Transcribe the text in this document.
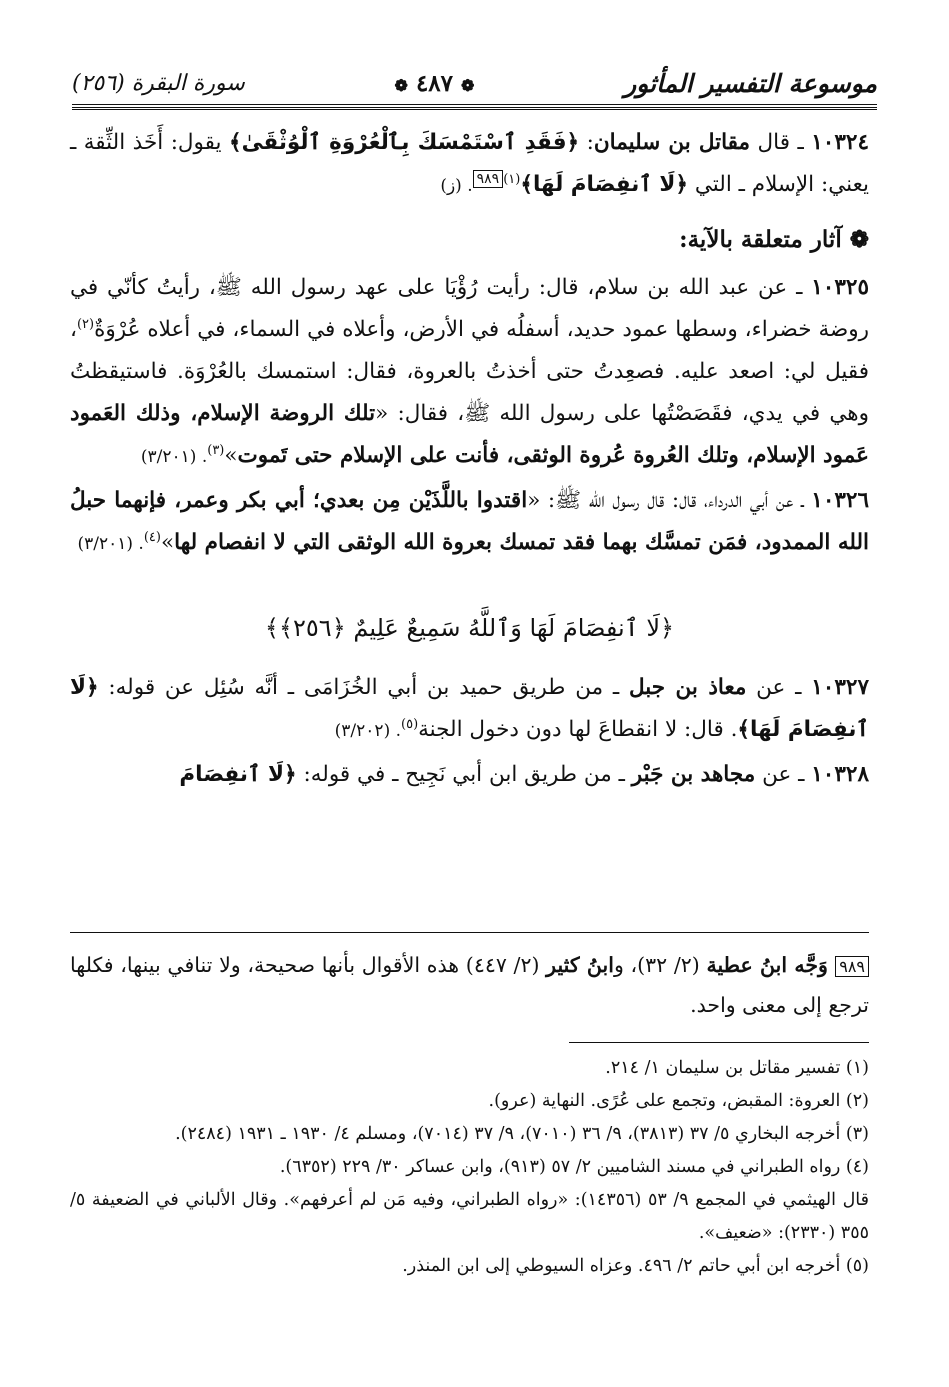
موسوعة التفسير المأثور
❁ ٤٨٧ ❁
سورة البقرة (٢٥٦)

١٠٣٢٤ ـ قال مقاتل بن سليمان: ﴿فَقَدِ ٱسْتَمْسَكَ بِٱلْعُرْوَةِ ٱلْوُثْقَىٰ﴾ يقول: أَخَذ الثِّقة ـ يعني: الإسلام ـ التي ﴿لَا ٱنفِصَامَ لَهَا﴾$^{(١)٩٨٩}$. (ز)

❁ آثار متعلقة بالآية:

١٠٣٢٥ ـ عن عبد الله بن سلام، قال: رأيت رُؤْيَا على عهد رسول الله ﷺ، رأيتُ كأنّي في روضة خضراء، وسطها عمود حديد، أسفلُه في الأرض، وأعلاه في السماء، في أعلاه عُرْوَةٌ$^{(٢)}$، فقيل لي: اصعد عليه. فصعِدتُ حتى أخذتُ بالعروة، فقال: استمسك بالعُرْوَة. فاستيقظتُ وهي في يدي، فقَصَصْتُها على رسول الله ﷺ، فقال: «تلك الروضة الإسلام، وذلك العَمود عَمود الإسلام، وتلك العُروة عُروة الوثقى، فأنت على الإسلام حتى تَموت»$^{(٣)}$. (٣/٢٠١)

١٠٣٢٦ ـ عن أبي الدرداء، قال: قال رسول الله ﷺ: «اقتدوا باللَّذَيْن مِن بعدي؛ أبي بكر وعمر، فإنهما حبلُ الله الممدود، فمَن تمسَّك بهما فقد تمسك بعروة الله الوثقى التي لا انفصام لها»$^{(٤)}$. (٣/٢٠١)

﴿لَا ٱنفِصَامَ لَهَا وَٱللَّهُ سَمِيعٌ عَلِيمٌ ﴿٢٥٦﴾﴾

١٠٣٢٧ ـ عن معاذ بن جبل ـ من طريق حميد بن أبي الخُزَامَى ـ أنَّه سُئِل عن قوله: ﴿لَا ٱنفِصَامَ لَهَا﴾. قال: لا انقطاعَ لها دون دخول الجنة$^{(٥)}$. (٣/٢٠٢)

١٠٣٢٨ ـ عن مجاهد بن جَبْر ـ من طريق ابن أبي نَجِيح ـ في قوله: ﴿لَا ٱنفِصَامَ

٩٨٩ وَجَّه ابنُ عطية (٢/ ٣٢)، وابنُ كثير (٢/ ٤٤٧) هذه الأقوال بأنها صحيحة، ولا تنافي بينها، فكلها ترجع إلى معنى واحد.

(١) تفسير مقاتل بن سليمان ١/ ٢١٤.

(٢) العروة: المقبض، وتجمع على عُرًى. النهاية (عرو).

(٣) أخرجه البخاري ٥/ ٣٧ (٣٨١٣)، ٩/ ٣٦ (٧٠١٠)، ٩/ ٣٧ (٧٠١٤)، ومسلم ٤/ ١٩٣٠ ـ ١٩٣١ (٢٤٨٤).

(٤) رواه الطبراني في مسند الشاميين ٢/ ٥٧ (٩١٣)، وابن عساكر ٣٠/ ٢٢٩ (٦٣٥٢).

قال الهيثمي في المجمع ٩/ ٥٣ (١٤٣٥٦): «رواه الطبراني، وفيه مَن لم أعرفهم». وقال الألباني في الضعيفة ٥/ ٣٥٥ (٢٣٣٠): «ضعيف».

(٥) أخرجه ابن أبي حاتم ٢/ ٤٩٦. وعزاه السيوطي إلى ابن المنذر.
